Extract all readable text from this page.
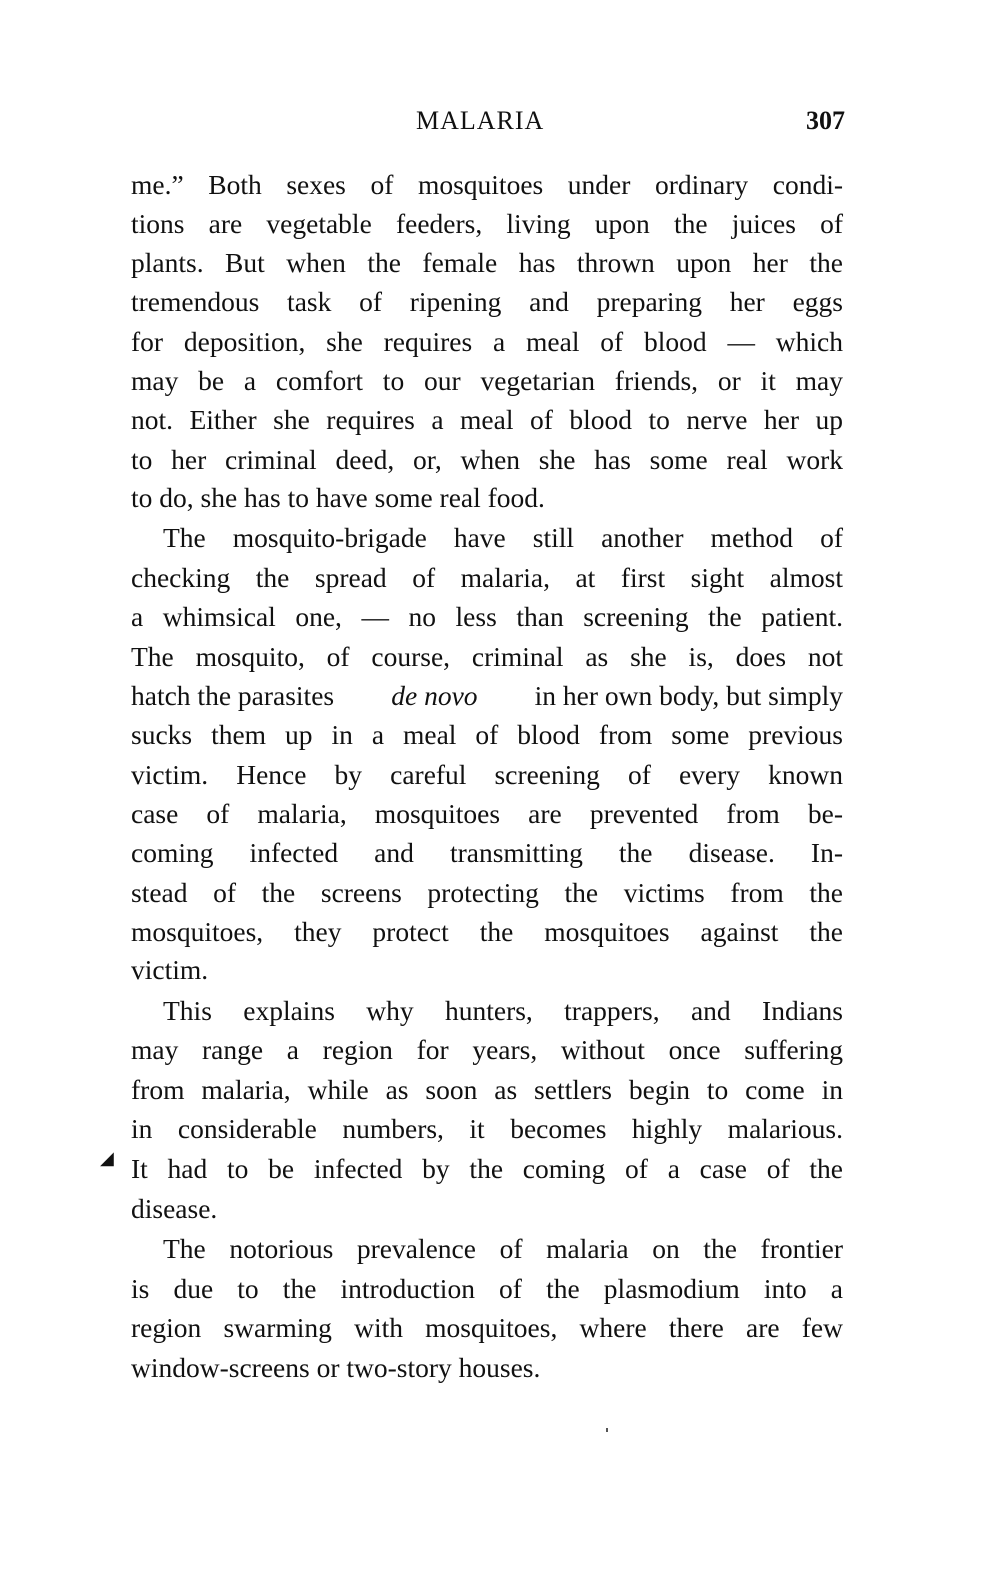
MALARIA	307
me.” Both sexes of mosquitoes under ordinary condi-
tions are vegetable feeders, living upon the juices of
plants. But when the female has thrown upon her the
tremendous task of ripening and preparing her eggs
for deposition, she requires a meal of blood — which
may be a comfort to our vegetarian friends, or it may
not. Either she requires a meal of blood to nerve her up
to her criminal deed, or, when she has some real work
to do, she has to have some real food.
The mosquito-brigade have still another method of
checking the spread of malaria, at first sight almost
a whimsical one, — no less than screening the patient.
The mosquito, of course, criminal as she is, does not
hatch the parasites de novo in her own body, but simply
sucks them up in a meal of blood from some previous
victim. Hence by careful screening of every known
case of malaria, mosquitoes are prevented from be-
coming infected and transmitting the disease. In-
stead of the screens protecting the victims from the
mosquitoes, they protect the mosquitoes against the
victim.
This explains why hunters, trappers, and Indians
may range a region for years, without once suffering
from malaria, while as soon as settlers begin to come in
in considerable numbers, it becomes highly malarious.
It had to be infected by the coming of a case of the
disease.
The notorious prevalence of malaria on the frontier
is due to the introduction of the plasmodium into a
region swarming with mosquitoes, where there are few
window-screens or two-story houses.
◢
